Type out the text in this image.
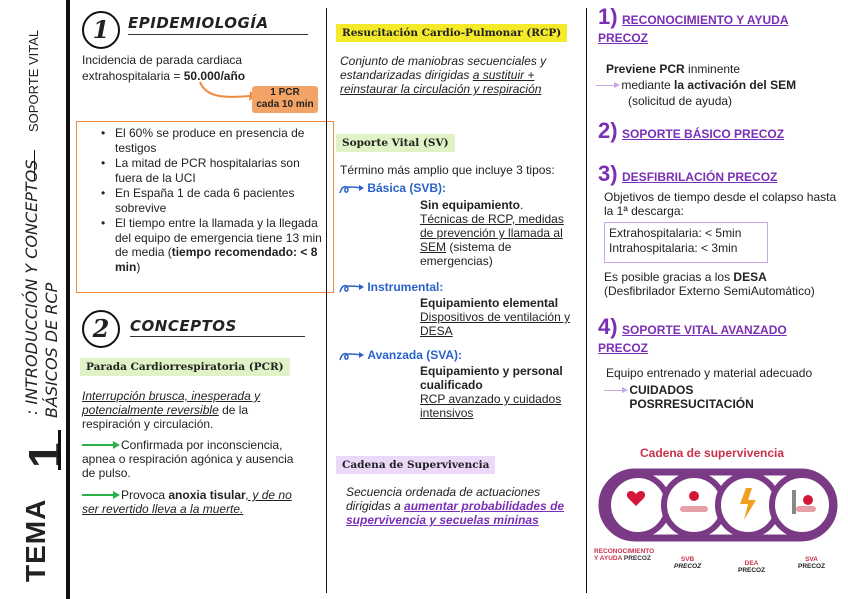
SOPORTE VITAL
: INTRODUCCIÓN Y CONCEPTOS BÁSICOS DE RCP
TEMA
1
1	EPIDEMIOLOGÍA
Incidencia de parada cardiaca extrahospitalaria = 50.000/año
1 PCR
cada 10 min
• El 60% se produce en presencia de testigos
• La mitad de PCR hospitalarias son fuera de la UCI
• En España 1 de cada 6 pacientes sobrevive
• El tiempo entre la llamada y la llegada del equipo de emergencia tiene 13 min de media (tiempo recomendado: < 8 min)
2	CONCEPTOS
Parada Cardiorrespiratoria (PCR)
Interrupción brusca, inesperada y potencialmente reversible de la respiración y circulación.
Confirmada por inconsciencia, apnea o respiración agónica y ausencia de pulso.
Provoca anoxia tisular, y de no ser revertido lleva a la muerte.
Resucitación Cardio-Pulmonar (RCP)
Conjunto de maniobras secuenciales y estandarizadas dirigidas a sustituir + reinstaurar la circulación y respiración
Soporte Vital (SV)
Término más amplio que incluye 3 tipos:
Básica (SVB):
Sin equipamiento.
Técnicas de RCP, medidas de prevención y llamada al SEM (sistema de emergencias)
Instrumental:
Equipamiento elemental
Dispositivos de ventilación y DESA
Avanzada (SVA):
Equipamiento y personal cualificado
RCP avanzado y cuidados intensivos
Cadena de Supervivencia
Secuencia ordenada de actuaciones dirigidas a aumentar probabilidades de supervivencia y secuelas mininas
1) RECONOCIMIENTO Y AYUDA PRECOZ
Previene PCR inminente
mediante la activación del SEM
(solicitud de ayuda)
2) SOPORTE BÁSICO PRECOZ
3) DESFIBRILACIÓN PRECOZ
Objetivos de tiempo desde el colapso hasta la 1ª descarga:
Extrahospitalaria: < 5min
Intrahospitalaria: < 3min
Es posible gracias a los DESA
(Desfibrilador Externo SemiAutomático)
4) SOPORTE VITAL AVANZADO PRECOZ
Equipo entrenado y material adecuado
CUIDADOS POSRRESUCITACIÓN
Cadena de supervivencia
RECONOCIMIENTO
Y AYUDA PRECOZ	SVB
PRECOZ	DEA
PRECOZ
SVA
PRECOZ
